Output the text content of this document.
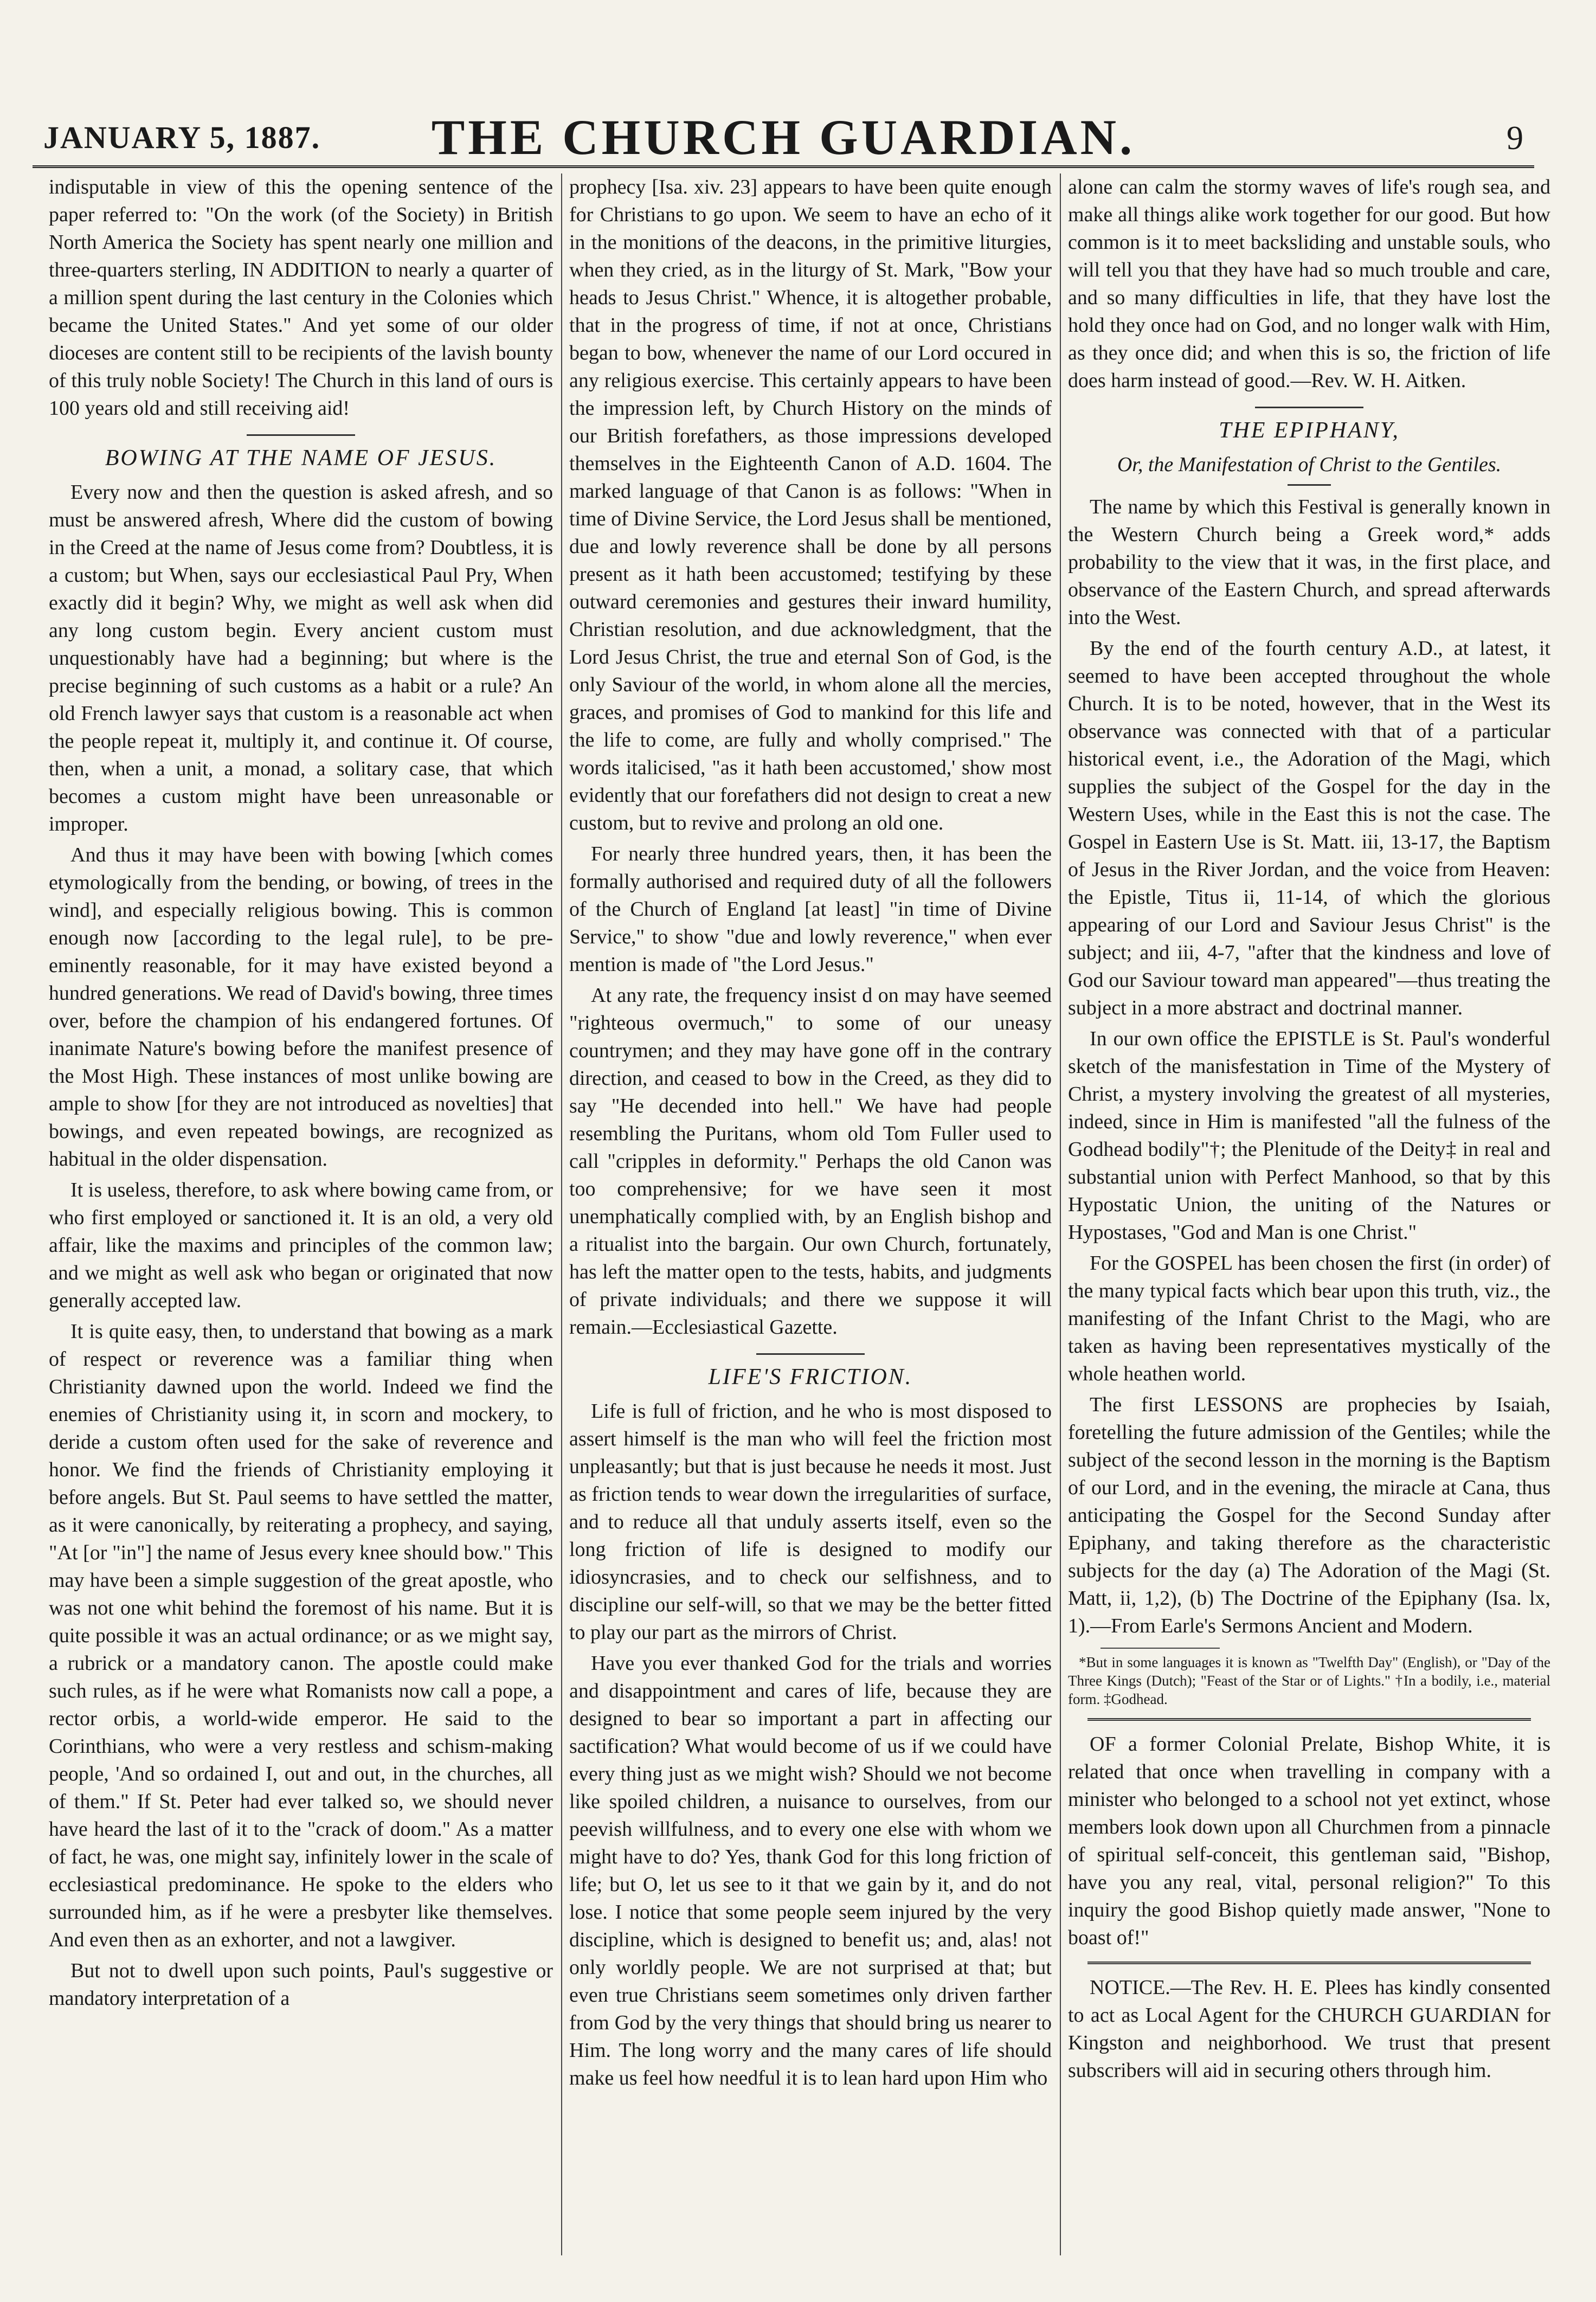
JANUARY 5, 1887.	THE CHURCH GUARDIAN.	9

indisputable in view of this the opening sentence of the paper referred to: "On the work (of the Society) in British North America the Society has spent nearly one million and three-quarters sterling, IN ADDITION to nearly a quarter of a million spent during the last century in the Colonies which became the United States." And yet some of our older dioceses are content still to be recipients of the lavish bounty of this truly noble Society! The Church in this land of ours is 100 years old and still receiving aid!

BOWING AT THE NAME OF JESUS.

Every now and then the question is asked afresh, and so must be answered afresh, Where did the custom of bowing in the Creed at the name of Jesus come from? Doubtless, it is a custom; but When, says our ecclesiastical Paul Pry, When exactly did it begin? Why, we might as well ask when did any long custom begin. Every ancient custom must unquestionably have had a beginning; but where is the precise beginning of such customs as a habit or a rule? An old French lawyer says that custom is a reasonable act when the people repeat it, multiply it, and continue it. Of course, then, when a unit, a monad, a solitary case, that which becomes a custom might have been unreasonable or improper.

And thus it may have been with bowing [which comes etymologically from the bending, or bowing, of trees in the wind], and especially religious bowing. This is common enough now [according to the legal rule], to be pre-eminently reasonable, for it may have existed beyond a hundred generations. We read of David's bowing, three times over, before the champion of his endangered fortunes. Of inanimate Nature's bowing before the manifest presence of the Most High. These instances of most unlike bowing are ample to show [for they are not introduced as novelties] that bowings, and even repeated bowings, are recognized as habitual in the older dispensation.

It is useless, therefore, to ask where bowing came from, or who first employed or sanctioned it. It is an old, a very old affair, like the maxims and principles of the common law; and we might as well ask who began or originated that now generally accepted law.

It is quite easy, then, to understand that bowing as a mark of respect or reverence was a familiar thing when Christianity dawned upon the world. Indeed we find the enemies of Christianity using it, in scorn and mockery, to deride a custom often used for the sake of reverence and honor. We find the friends of Christianity employing it before angels. But St. Paul seems to have settled the matter, as it were canonically, by reiterating a prophecy, and saying, "At [or "in"] the name of Jesus every knee should bow." This may have been a simple suggestion of the great apostle, who was not one whit behind the foremost of his name. But it is quite possible it was an actual ordinance; or as we might say, a rubrick or a mandatory canon. The apostle could make such rules, as if he were what Romanists now call a pope, a rector orbis, a world-wide emperor. He said to the Corinthians, who were a very restless and schism-making people, 'And so ordained I, out and out, in the churches, all of them." If St. Peter had ever talked so, we should never have heard the last of it to the "crack of doom." As a matter of fact, he was, one might say, infinitely lower in the scale of ecclesiastical predominance. He spoke to the elders who surrounded him, as if he were a presbyter like themselves. And even then as an exhorter, and not a lawgiver.

But not to dwell upon such points, Paul's suggestive or mandatory interpretation of a

prophecy [Isa. xiv. 23] appears to have been quite enough for Christians to go upon. We seem to have an echo of it in the monitions of the deacons, in the primitive liturgies, when they cried, as in the liturgy of St. Mark, "Bow your heads to Jesus Christ." Whence, it is altogether probable, that in the progress of time, if not at once, Christians began to bow, whenever the name of our Lord occured in any religious exercise. This certainly appears to have been the impression left, by Church History on the minds of our British forefathers, as those impressions developed themselves in the Eighteenth Canon of A.D. 1604. The marked language of that Canon is as follows: "When in time of Divine Service, the Lord Jesus shall be mentioned, due and lowly reverence shall be done by all persons present as it hath been accustomed; testifying by these outward ceremonies and gestures their inward humility, Christian resolution, and due acknowledgment, that the Lord Jesus Christ, the true and eternal Son of God, is the only Saviour of the world, in whom alone all the mercies, graces, and promises of God to mankind for this life and the life to come, are fully and wholly comprised." The words italicised, "as it hath been accustomed,' show most evidently that our forefathers did not design to creat a new custom, but to revive and prolong an old one.

For nearly three hundred years, then, it has been the formally authorised and required duty of all the followers of the Church of England [at least] "in time of Divine Service," to show "due and lowly reverence," when ever mention is made of "the Lord Jesus."

At any rate, the frequency insist d on may have seemed "righteous overmuch," to some of our uneasy countrymen; and they may have gone off in the contrary direction, and ceased to bow in the Creed, as they did to say "He decended into hell." We have had people resembling the Puritans, whom old Tom Fuller used to call "cripples in deformity." Perhaps the old Canon was too comprehensive; for we have seen it most unemphatically complied with, by an English bishop and a ritualist into the bargain. Our own Church, fortunately, has left the matter open to the tests, habits, and judgments of private individuals; and there we suppose it will remain.—Ecclesiastical Gazette.

LIFE'S FRICTION.

Life is full of friction, and he who is most disposed to assert himself is the man who will feel the friction most unpleasantly; but that is just because he needs it most. Just as friction tends to wear down the irregularities of surface, and to reduce all that unduly asserts itself, even so the long friction of life is designed to modify our idiosyncrasies, and to check our selfishness, and to discipline our self-will, so that we may be the better fitted to play our part as the mirrors of Christ.

Have you ever thanked God for the trials and worries and disappointment and cares of life, because they are designed to bear so important a part in affecting our sactification? What would become of us if we could have every thing just as we might wish? Should we not become like spoiled children, a nuisance to ourselves, from our peevish willfulness, and to every one else with whom we might have to do? Yes, thank God for this long friction of life; but O, let us see to it that we gain by it, and do not lose. I notice that some people seem injured by the very discipline, which is designed to benefit us; and, alas! not only worldly people. We are not surprised at that; but even true Christians seem sometimes only driven farther from God by the very things that should bring us nearer to Him. The long worry and the many cares of life should make us feel how needful it is to lean hard upon Him who

alone can calm the stormy waves of life's rough sea, and make all things alike work together for our good. But how common is it to meet backsliding and unstable souls, who will tell you that they have had so much trouble and care, and so many difficulties in life, that they have lost the hold they once had on God, and no longer walk with Him, as they once did; and when this is so, the friction of life does harm instead of good.—Rev. W. H. Aitken.

THE EPIPHANY,
Or, the Manifestation of Christ to the Gentiles.

The name by which this Festival is generally known in the Western Church being a Greek word,* adds probability to the view that it was, in the first place, and observance of the Eastern Church, and spread afterwards into the West.

By the end of the fourth century A.D., at latest, it seemed to have been accepted throughout the whole Church. It is to be noted, however, that in the West its observance was connected with that of a particular historical event, i.e., the Adoration of the Magi, which supplies the subject of the Gospel for the day in the Western Uses, while in the East this is not the case. The Gospel in Eastern Use is St. Matt. iii, 13-17, the Baptism of Jesus in the River Jordan, and the voice from Heaven: the Epistle, Titus ii, 11-14, of which the glorious appearing of our Lord and Saviour Jesus Christ" is the subject; and iii, 4-7, "after that the kindness and love of God our Saviour toward man appeared"—thus treating the subject in a more abstract and doctrinal manner.

In our own office the EPISTLE is St. Paul's wonderful sketch of the manisfestation in Time of the Mystery of Christ, a mystery involving the greatest of all mysteries, indeed, since in Him is manifested "all the fulness of the Godhead bodily"†; the Plenitude of the Deity‡ in real and substantial union with Perfect Manhood, so that by this Hypostatic Union, the uniting of the Natures or Hypostases, "God and Man is one Christ."

For the GOSPEL has been chosen the first (in order) of the many typical facts which bear upon this truth, viz., the manifesting of the Infant Christ to the Magi, who are taken as having been representatives mystically of the whole heathen world.

The first LESSONS are prophecies by Isaiah, foretelling the future admission of the Gentiles; while the subject of the second lesson in the morning is the Baptism of our Lord, and in the evening, the miracle at Cana, thus anticipating the Gospel for the Second Sunday after Epiphany, and taking therefore as the characteristic subjects for the day (a) The Adoration of the Magi (St. Matt, ii, 1,2), (b) The Doctrine of the Epiphany (Isa. lx, 1).—From Earle's Sermons Ancient and Modern.

*But in some languages it is known as "Twelfth Day" (English), or "Day of the Three Kings (Dutch); "Feast of the Star or of Lights." †In a bodily, i.e., material form. ‡Godhead.

OF a former Colonial Prelate, Bishop White, it is related that once when travelling in company with a minister who belonged to a school not yet extinct, whose members look down upon all Churchmen from a pinnacle of spiritual self-conceit, this gentleman said, "Bishop, have you any real, vital, personal religion?" To this inquiry the good Bishop quietly made answer, "None to boast of!"

NOTICE.—The Rev. H. E. Plees has kindly consented to act as Local Agent for the CHURCH GUARDIAN for Kingston and neighborhood. We trust that present subscribers will aid in securing others through him.
